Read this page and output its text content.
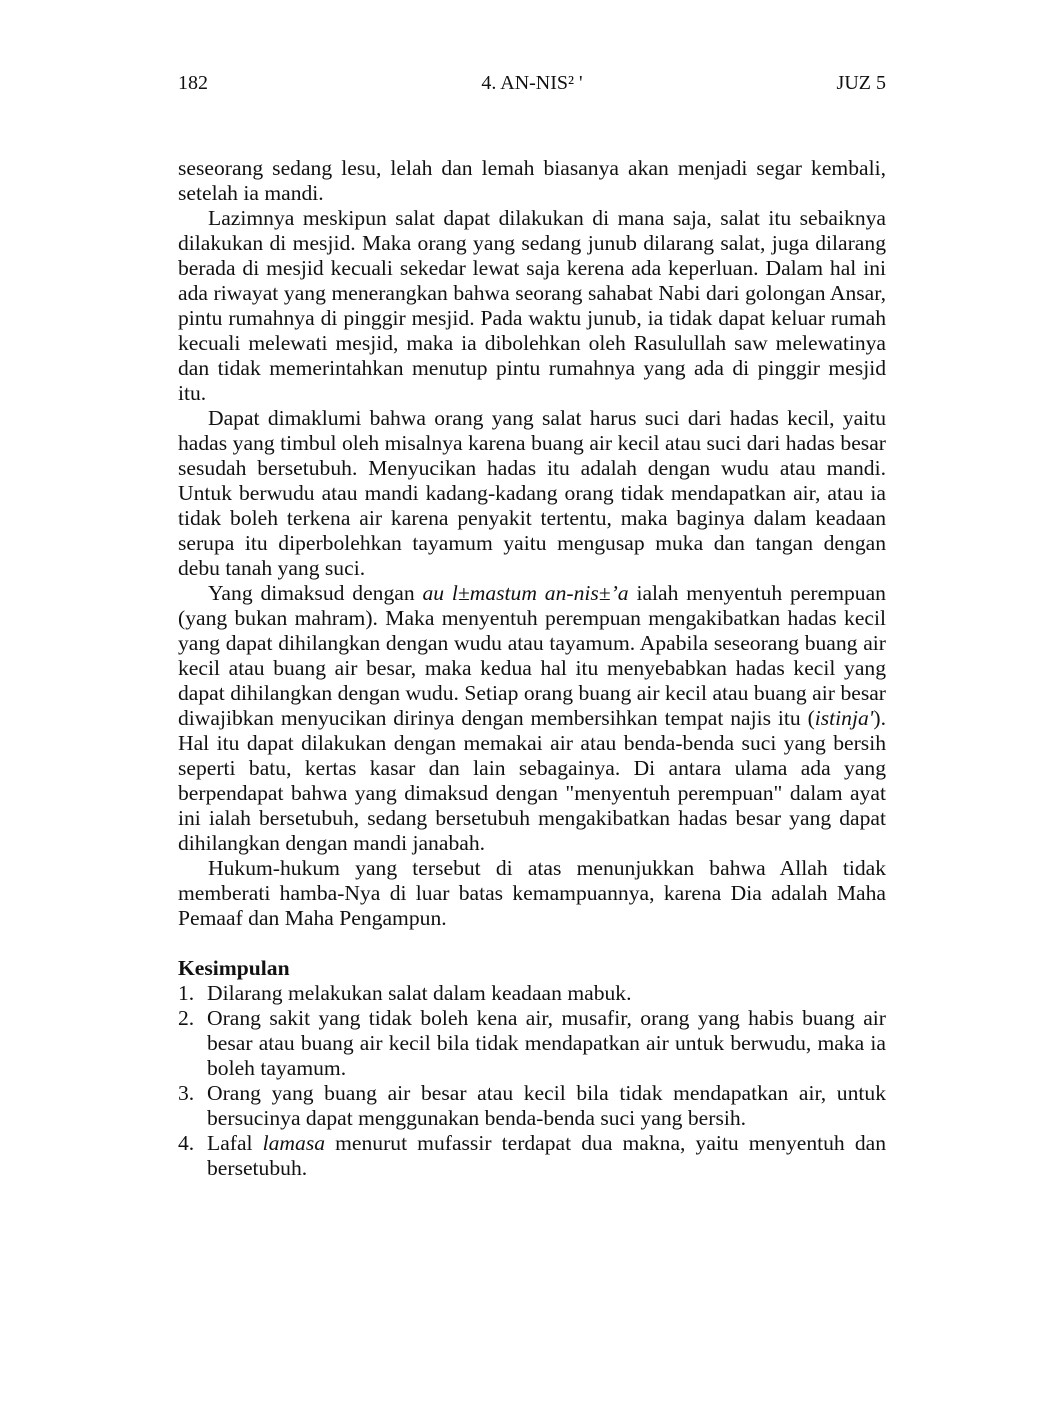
182	4. AN-NIS² '	JUZ 5

seseorang sedang lesu, lelah dan lemah biasanya akan menjadi segar kembali, setelah ia mandi.

Lazimnya meskipun salat dapat dilakukan di mana saja, salat itu sebaiknya dilakukan di mesjid. Maka orang yang sedang junub dilarang salat, juga dilarang berada di mesjid kecuali sekedar lewat saja kerena ada keperluan. Dalam hal ini ada riwayat yang menerangkan bahwa seorang sahabat Nabi dari golongan Ansar, pintu rumahnya di pinggir mesjid. Pada waktu junub, ia tidak dapat keluar rumah kecuali melewati mesjid, maka ia dibolehkan oleh Rasulullah saw melewatinya dan tidak memerintahkan menutup pintu rumahnya yang ada di pinggir mesjid itu.

Dapat dimaklumi bahwa orang yang salat harus suci dari hadas kecil, yaitu hadas yang timbul oleh misalnya karena buang air kecil atau suci dari hadas besar sesudah bersetubuh. Menyucikan hadas itu adalah dengan wudu atau mandi. Untuk berwudu atau mandi kadang-kadang orang tidak mendapatkan air, atau ia tidak boleh terkena air karena penyakit tertentu, maka baginya dalam keadaan serupa itu diperbolehkan tayamum yaitu mengusap muka dan tangan dengan debu tanah yang suci.

Yang dimaksud dengan au l±mastum an-nis±’a ialah menyentuh perempuan (yang bukan mahram). Maka menyentuh perempuan mengakibatkan hadas kecil yang dapat dihilangkan dengan wudu atau tayamum. Apabila seseorang buang air kecil atau buang air besar, maka kedua hal itu menyebabkan hadas kecil yang dapat dihilangkan dengan wudu. Setiap orang buang air kecil atau buang air besar diwajibkan menyucikan dirinya dengan membersihkan tempat najis itu (istinja'). Hal itu dapat dilakukan dengan memakai air atau benda-benda suci yang bersih seperti batu, kertas kasar dan lain sebagainya. Di antara ulama ada yang berpendapat bahwa yang dimaksud dengan "menyentuh perempuan" dalam ayat ini ialah bersetubuh, sedang bersetubuh mengakibatkan hadas besar yang dapat dihilangkan dengan mandi janabah.

Hukum-hukum yang tersebut di atas menunjukkan bahwa Allah tidak memberati hamba-Nya di luar batas kemampuannya, karena Dia adalah Maha Pemaaf dan Maha Pengampun.

Kesimpulan
1. Dilarang melakukan salat dalam keadaan mabuk.
2. Orang sakit yang tidak boleh kena air, musafir, orang yang habis buang air besar atau buang air kecil bila tidak mendapatkan air untuk berwudu, maka ia boleh tayamum.
3. Orang yang buang air besar atau kecil bila tidak mendapatkan air, untuk bersucinya dapat menggunakan benda-benda suci yang bersih.
4. Lafal lamasa menurut mufassir terdapat dua makna, yaitu menyentuh dan bersetubuh.
